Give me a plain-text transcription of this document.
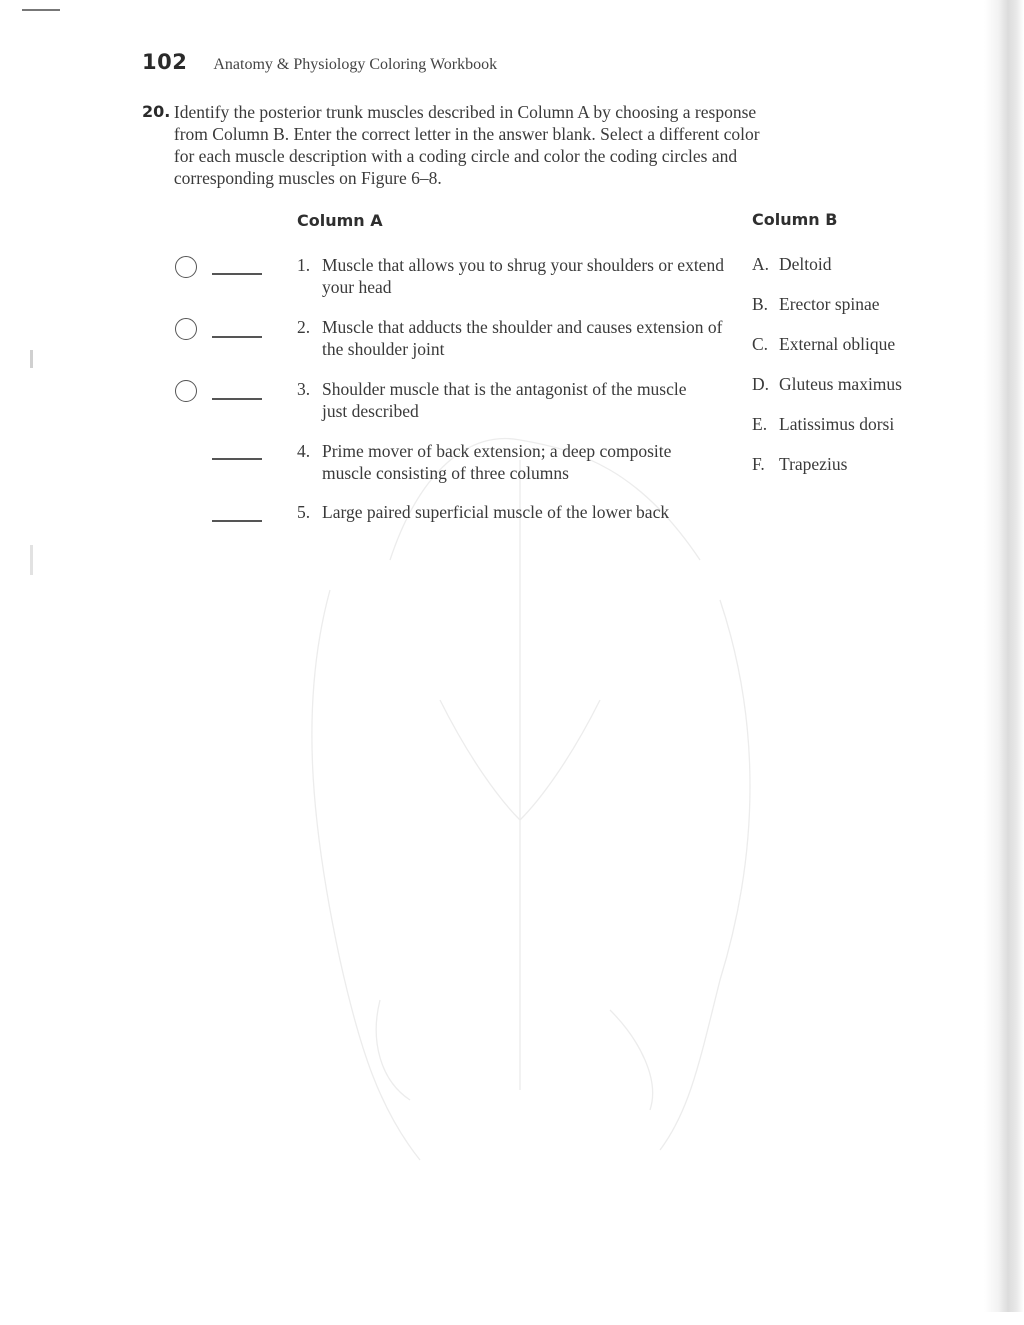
102 Anatomy & Physiology Coloring Workbook
20. Identify the posterior trunk muscles described in Column A by choosing a response from Column B. Enter the correct letter in the answer blank. Select a different color for each muscle description with a coding circle and color the coding circles and corresponding muscles on Figure 6–8.
Column A	Column B
1. Muscle that allows you to shrug your shoulders or extend your head
2. Muscle that adducts the shoulder and causes extension of the shoulder joint
3. Shoulder muscle that is the antagonist of the muscle just described
4. Prime mover of back extension; a deep composite muscle consisting of three columns
5. Large paired superficial muscle of the lower back
A. Deltoid
B. Erector spinae
C. External oblique
D. Gluteus maximus
E. Latissimus dorsi
F. Trapezius
